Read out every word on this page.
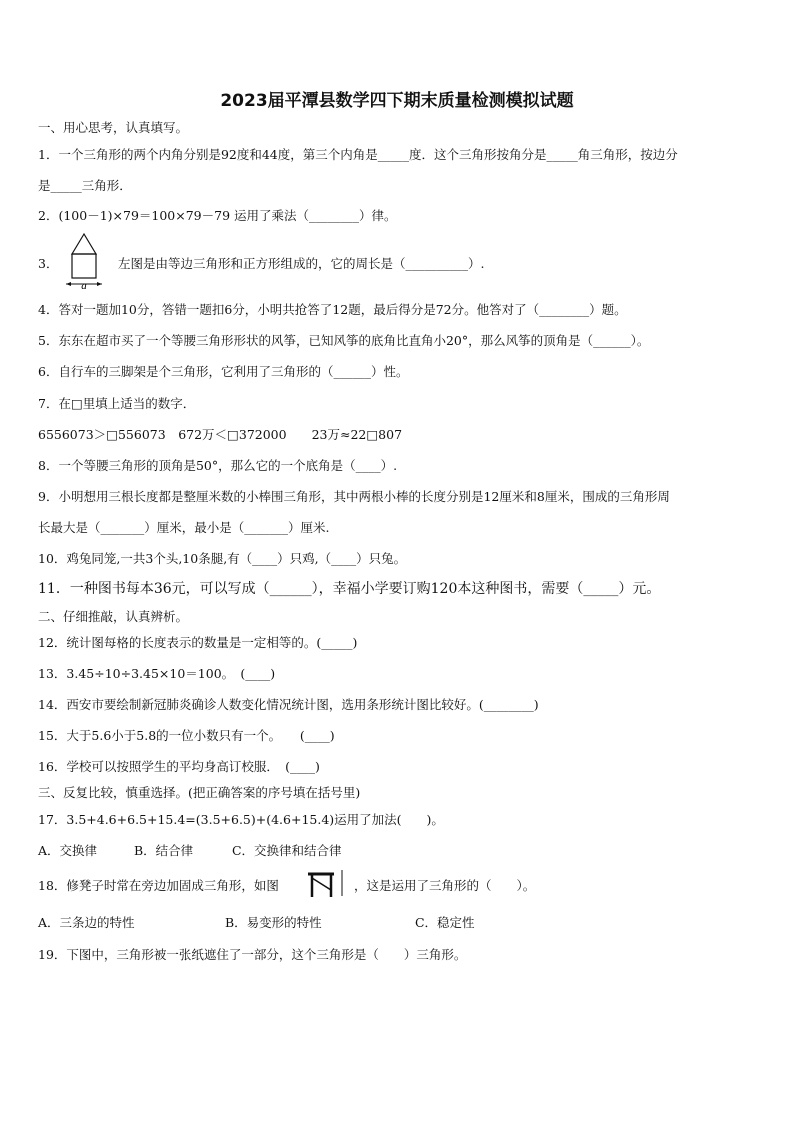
2023届平潭县数学四下期末质量检测模拟试题
一、用心思考，认真填写。
1．一个三角形的两个内角分别是92度和44度，第三个内角是_____度．这个三角形按角分是_____角三角形，按边分
是_____三角形．
2．(100－1)×79＝100×79－79 运用了乘法（________）律。
3．
a
左图是由等边三角形和正方形组成的，它的周长是（__________）.
4．答对一题加10分，答错一题扣6分，小明共抢答了12题，最后得分是72分。他答对了（________）题。
5．东东在超市买了一个等腰三角形形状的风筝，已知风筝的底角比直角小20°，那么风筝的顶角是（______）。
6．自行车的三脚架是个三角形，它利用了三角形的（______）性。
7．在□里填上适当的数字．
6556073＞□556073　672万＜□372000　　23万≈22□807
8．一个等腰三角形的顶角是50°，那么它的一个底角是（____）.
9．小明想用三根长度都是整厘米数的小棒围三角形，其中两根小棒的长度分别是12厘米和8厘米，围成的三角形周
长最大是（_______）厘米，最小是（_______）厘米.
10．鸡兔同笼,一共3个头,10条腿,有（____）只鸡,（____）只兔。
11．一种图书每本36元，可以写成（______），幸福小学要订购120本这种图书，需要（_____）元。
二、仔细推敲，认真辨析。
12．统计图每格的长度表示的数量是一定相等的。(_____)
13．3.45÷10÷3.45×10＝100。　(____)
14．西安市要绘制新冠肺炎确诊人数变化情况统计图，选用条形统计图比较好。(________)
15．大于5.6小于5.8的一位小数只有一个。　　(____)
16．学校可以按照学生的平均身高订校服．　(____)
三、反复比较，慎重选择。(把正确答案的序号填在括号里)
17．3.5+4.6+6.5+15.4=(3.5+6.5)+(4.6+15.4)运用了加法(　　)。
A．交换律	B．结合律	C．交换律和结合律
18．修凳子时常在旁边加固成三角形，如图	，这是运用了三角形的（　　）。
A．三条边的特性	B．易变形的特性	C．稳定性
19．下图中，三角形被一张纸遮住了一部分，这个三角形是（　　）三角形。
